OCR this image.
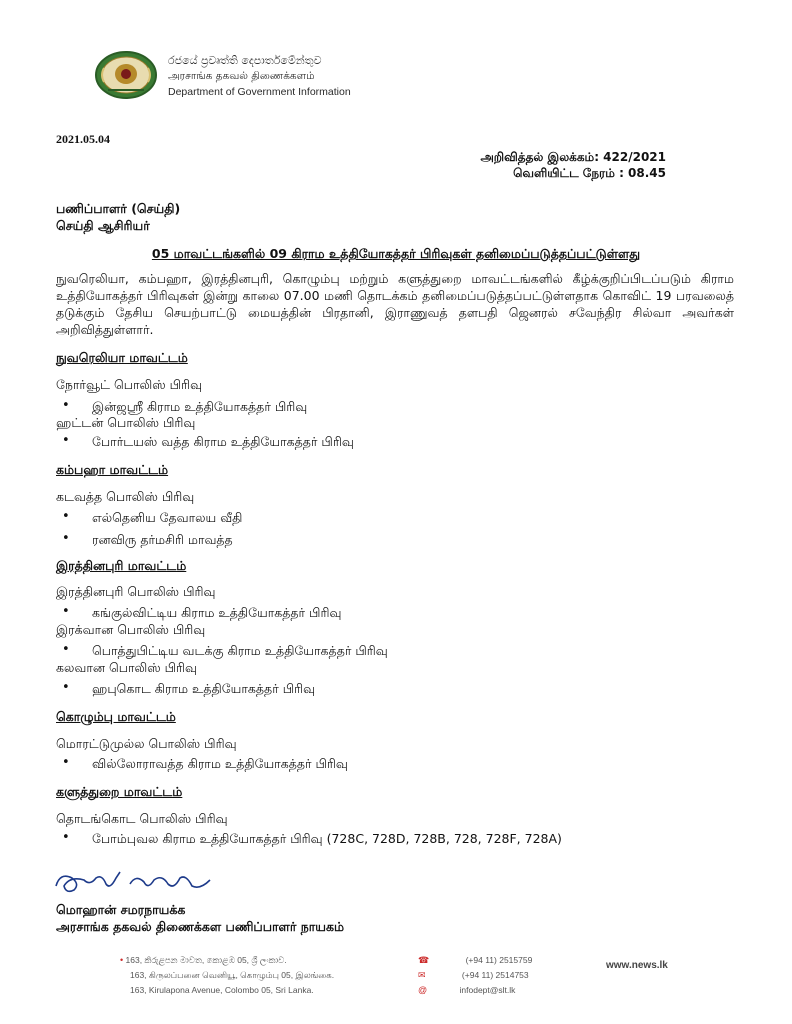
රජයේ ප්‍රවෘත්ති දෙපාර්තමේන්තුව
அரசாங்க தகவல் திணைக்களம்
Department of Government Information
2021.05.04
அறிவித்தல் இலக்கம்: 422/2021
வெளியிட்ட நேரம் : 08.45
பணிப்பாளர் (செய்தி)
செய்தி ஆசிரியர்
05 மாவட்டங்களில் 09 கிராம உத்தியோகத்தர் பிரிவுகள் தனிமைப்படுத்தப்பட்டுள்ளது
நுவரெலியா, கம்பஹா, இரத்தினபுரி, கொழும்பு மற்றும் களுத்துறை மாவட்டங்களில் கீழ்க்குறிப்பிடப்படும் கிராம உத்தியோகத்தர் பிரிவுகள் இன்று காலை 07.00 மணி தொடக்கம் தனிமைப்படுத்தப்பட்டுள்ளதாக கொவிட் 19 பரவலைத் தடுக்கும் தேசிய செயற்பாட்டு மையத்தின் பிரதானி, இராணுவத் தளபதி ஜெனரல் சவேந்திர சில்வா அவர்கள் அறிவித்துள்ளார்.
நுவரெலியா மாவட்டம்
நோர்வூட் பொலிஸ் பிரிவு
• இன்ஜஸ்ரீ கிராம உத்தியோகத்தர் பிரிவு
ஹட்டன் பொலிஸ் பிரிவு
• போர்டயஸ் வத்த கிராம உத்தியோகத்தர் பிரிவு
கம்பஹா மாவட்டம்
கடவத்த பொலிஸ் பிரிவு
• எல்தெனிய தேவாலய வீதி
• ரனவிரு தர்மசிரி மாவத்த
இரத்தினபுரி மாவட்டம்
இரத்தினபுரி பொலிஸ் பிரிவு
• கங்குல்விட்டிய கிராம உத்தியோகத்தர் பிரிவு
இரக்வான பொலிஸ் பிரிவு
• பொத்துபிட்டிய வடக்கு கிராம உத்தியோகத்தர் பிரிவு
கலவான பொலிஸ் பிரிவு
• ஹபுகொட கிராம உத்தியோகத்தர் பிரிவு
கொழும்பு மாவட்டம்
மொரட்டுமுல்ல பொலிஸ் பிரிவு
• வில்லோராவத்த கிராம உத்தியோகத்தர் பிரிவு
களுத்துறை மாவட்டம்
தொடங்கொட பொலிஸ் பிரிவு
• போம்புவல கிராம உத்தியோகத்தர் பிரிவு (728C, 728D, 728B, 728, 728F, 728A)
மொஹான் சமரநாயக்க
அரசாங்க தகவல் திணைக்கள பணிப்பாளர் நாயகம்
• 163, කිරුළපන මාවත, කොළඹ 05, ශ්‍රී ලංකාව.
163, கிருலப்பனை வெனியூ, கொழும்பு 05, இலங்கை.
163, Kirulapona Avenue, Colombo 05, Sri Lanka.
☎	(+94 11) 2515759
✉	(+94 11) 2514753
@	infodept@slt.lk
www.news.lk
